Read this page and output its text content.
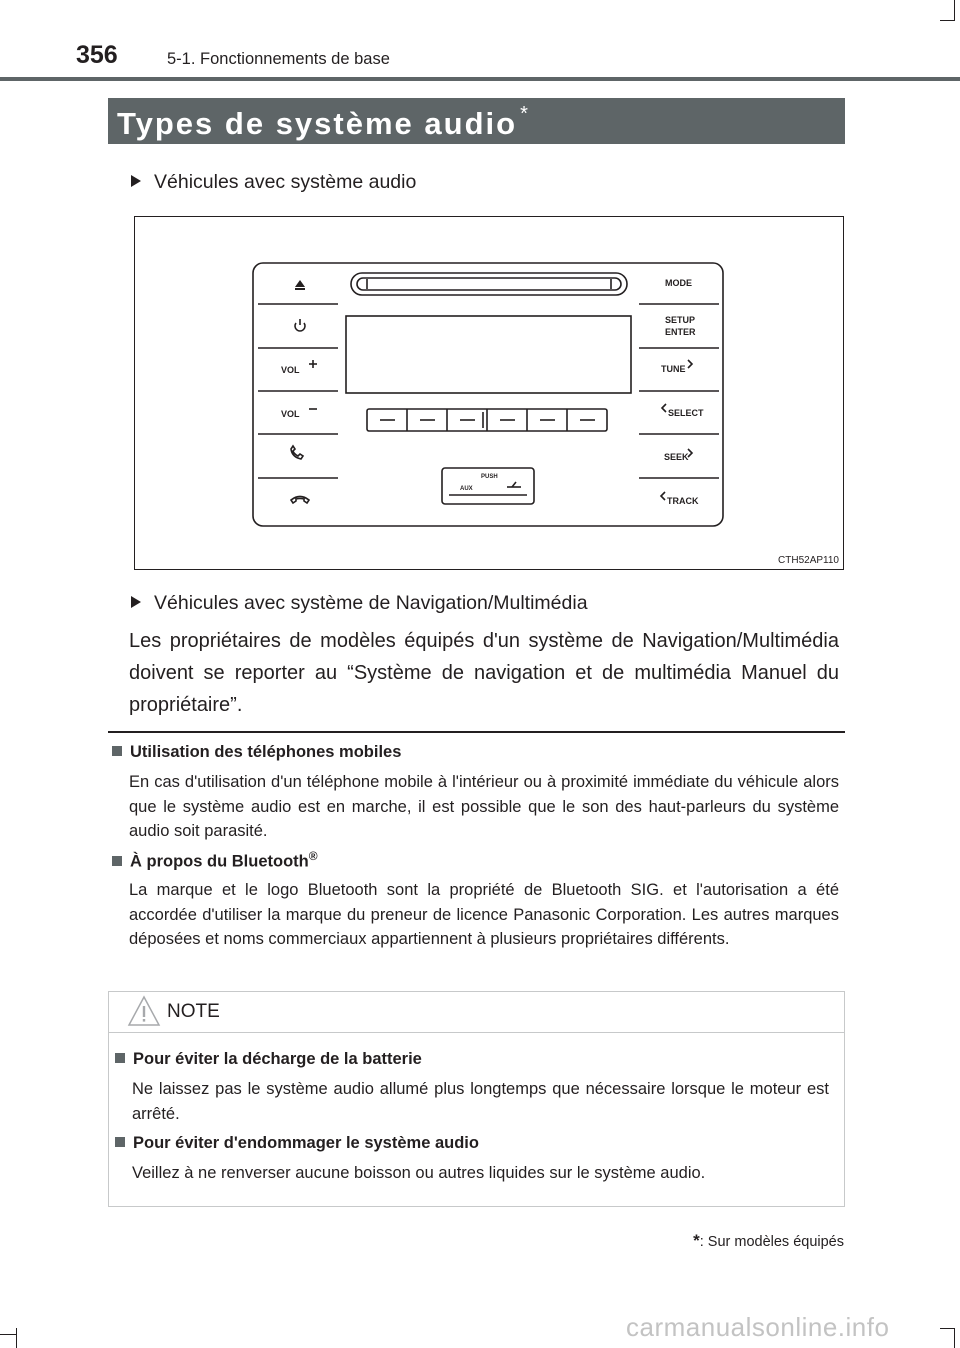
356	5-1. Fonctionnements de base
Types de système audio *
Véhicules avec système audio
MODE
SETUP
ENTER
TUNE
SELECT
SEEK
TRACK
VOL
VOL
PUSH
AUX
CTH52AP110
Véhicules avec système de Navigation/Multimédia
Les propriétaires de modèles équipés d'un système de Navigation/Multimédia doivent se reporter au “Système de navigation et de multimédia Manuel du propriétaire”.
Utilisation des téléphones mobiles
En cas d'utilisation d'un téléphone mobile à l'intérieur ou à proximité immédiate du véhicule alors que le système audio est en marche, il est possible que le son des haut-parleurs du système audio soit parasité.
À propos du Bluetooth®
La marque et le logo Bluetooth sont la propriété de Bluetooth SIG. et l'autorisation a été accordée d'utiliser la marque du preneur de licence Panasonic Corporation. Les autres marques déposées et noms commerciaux appartiennent à plusieurs propriétaires différents.
NOTE
Pour éviter la décharge de la batterie
Ne laissez pas le système audio allumé plus longtemps que nécessaire lorsque le moteur est arrêté.
Pour éviter d'endommager le système audio
Veillez à ne renverser aucune boisson ou autres liquides sur le système audio.
*: Sur modèles équipés
carmanualsonline.info
